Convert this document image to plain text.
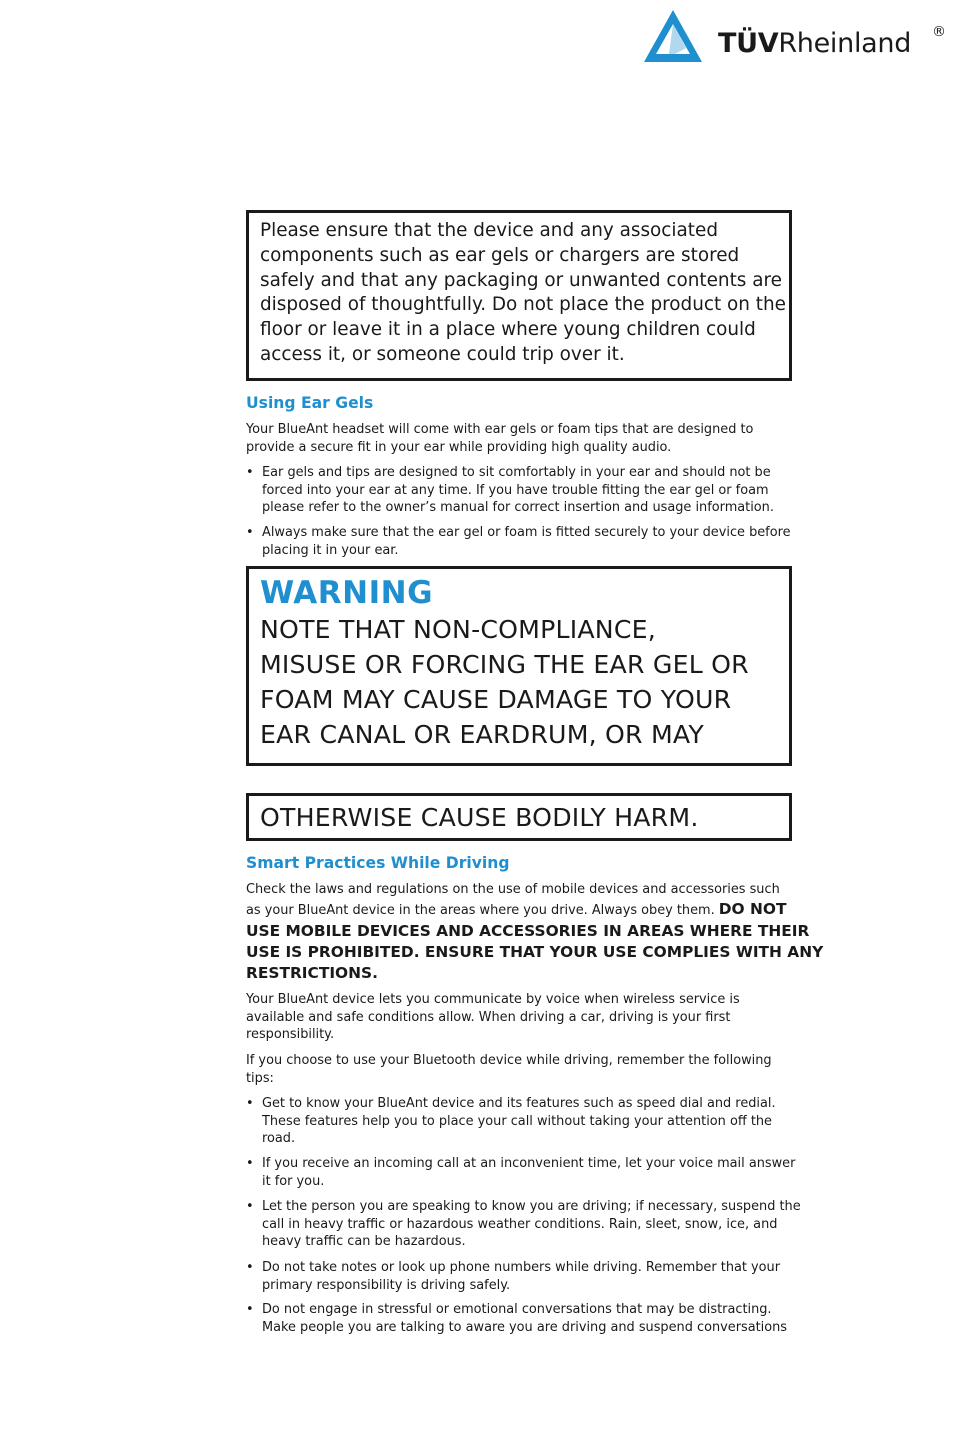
TÜVRheinland ®

Please ensure that the device and any associated

components such as ear gels or chargers are stored

safely and that any packaging or unwanted contents are

disposed of thoughtfully. Do not place the product on the

floor or leave it in a place where young children could

access it, or someone could trip over it.

Using Ear Gels
Your BlueAnt headset will come with ear gels or foam tips that are designed to
provide a secure fit in your ear while providing high quality audio.
• Ear gels and tips are designed to sit comfortably in your ear and should not be
forced into your ear at any time. If you have trouble fitting the ear gel or foam
please refer to the owner’s manual for correct insertion and usage information.
• Always make sure that the ear gel or foam is fitted securely to your device before
placing it in your ear.
WARNING
NOTE THAT NON-COMPLIANCE,
MISUSE OR FORCING THE EAR GEL OR
FOAM MAY CAUSE DAMAGE TO YOUR
EAR CANAL OR EARDRUM, OR MAY

OTHERWISE CAUSE BODILY HARM.

Smart Practices While Driving
Check the laws and regulations on the use of mobile devices and accessories such
as your BlueAnt device in the areas where you drive. Always obey them. DO NOT
USE MOBILE DEVICES AND ACCESSORIES IN AREAS WHERE THEIR
USE IS PROHIBITED. ENSURE THAT YOUR USE COMPLIES WITH ANY
RESTRICTIONS.
Your BlueAnt device lets you communicate by voice when wireless service is
available and safe conditions allow. When driving a car, driving is your first
responsibility.
If you choose to use your Bluetooth device while driving, remember the following
tips:
• Get to know your BlueAnt device and its features such as speed dial and redial.
These features help you to place your call without taking your attention off the
road.
• If you receive an incoming call at an inconvenient time, let your voice mail answer
it for you.
• Let the person you are speaking to know you are driving; if necessary, suspend the
call in heavy traffic or hazardous weather conditions. Rain, sleet, snow, ice, and
heavy traffic can be hazardous.
• Do not take notes or look up phone numbers while driving. Remember that your
primary responsibility is driving safely.
• Do not engage in stressful or emotional conversations that may be distracting.
Make people you are talking to aware you are driving and suspend conversations
